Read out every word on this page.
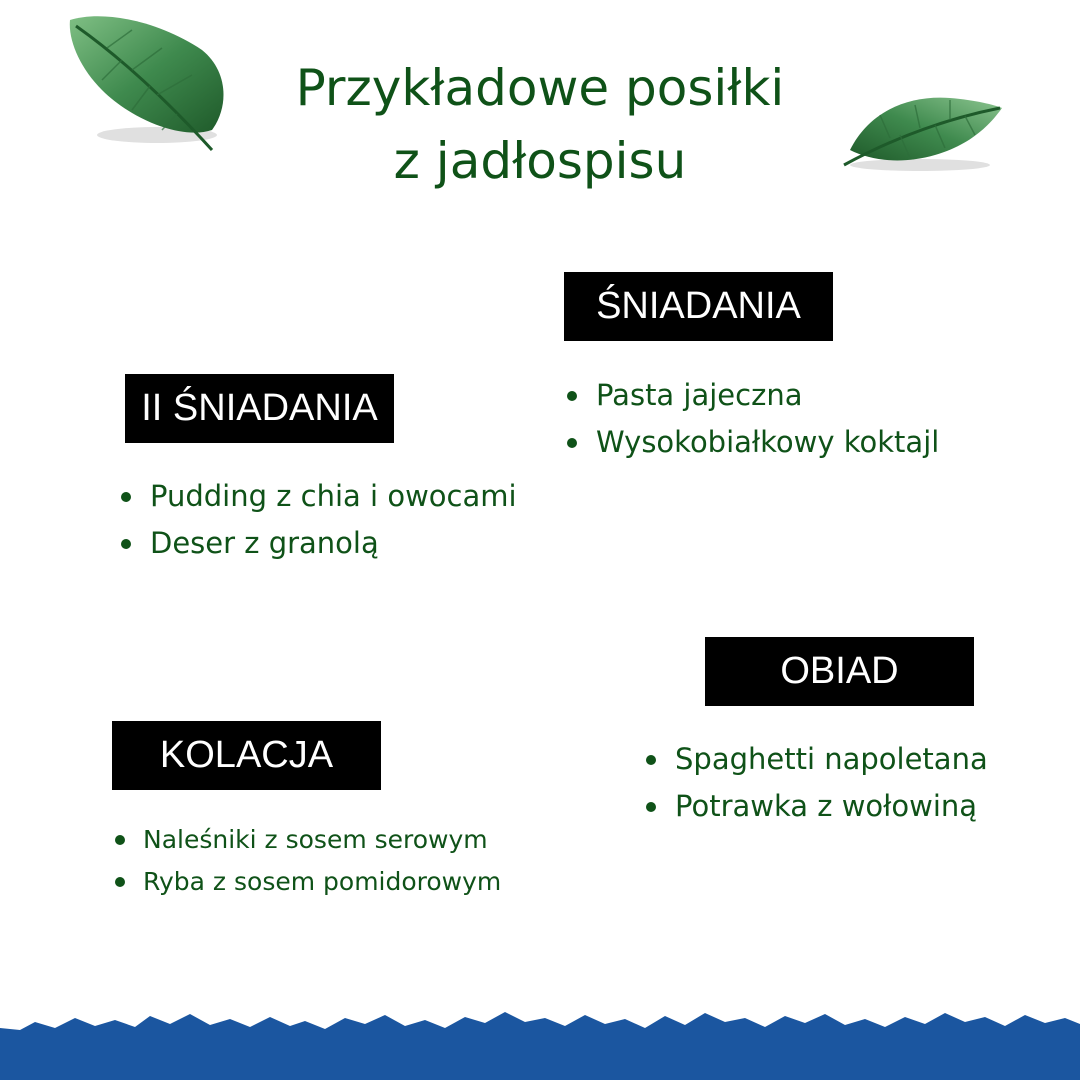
Przykładowe posiłki
z jadłospisu
ŚNIADANIA
Pasta jajeczna
Wysokobiałkowy koktajl
II ŚNIADANIA
Pudding z chia i owocami
Deser z granolą
OBIAD
Spaghetti napoletana
Potrawka z wołowiną
KOLACJA
Naleśniki z sosem serowym
Ryba z sosem pomidorowym
